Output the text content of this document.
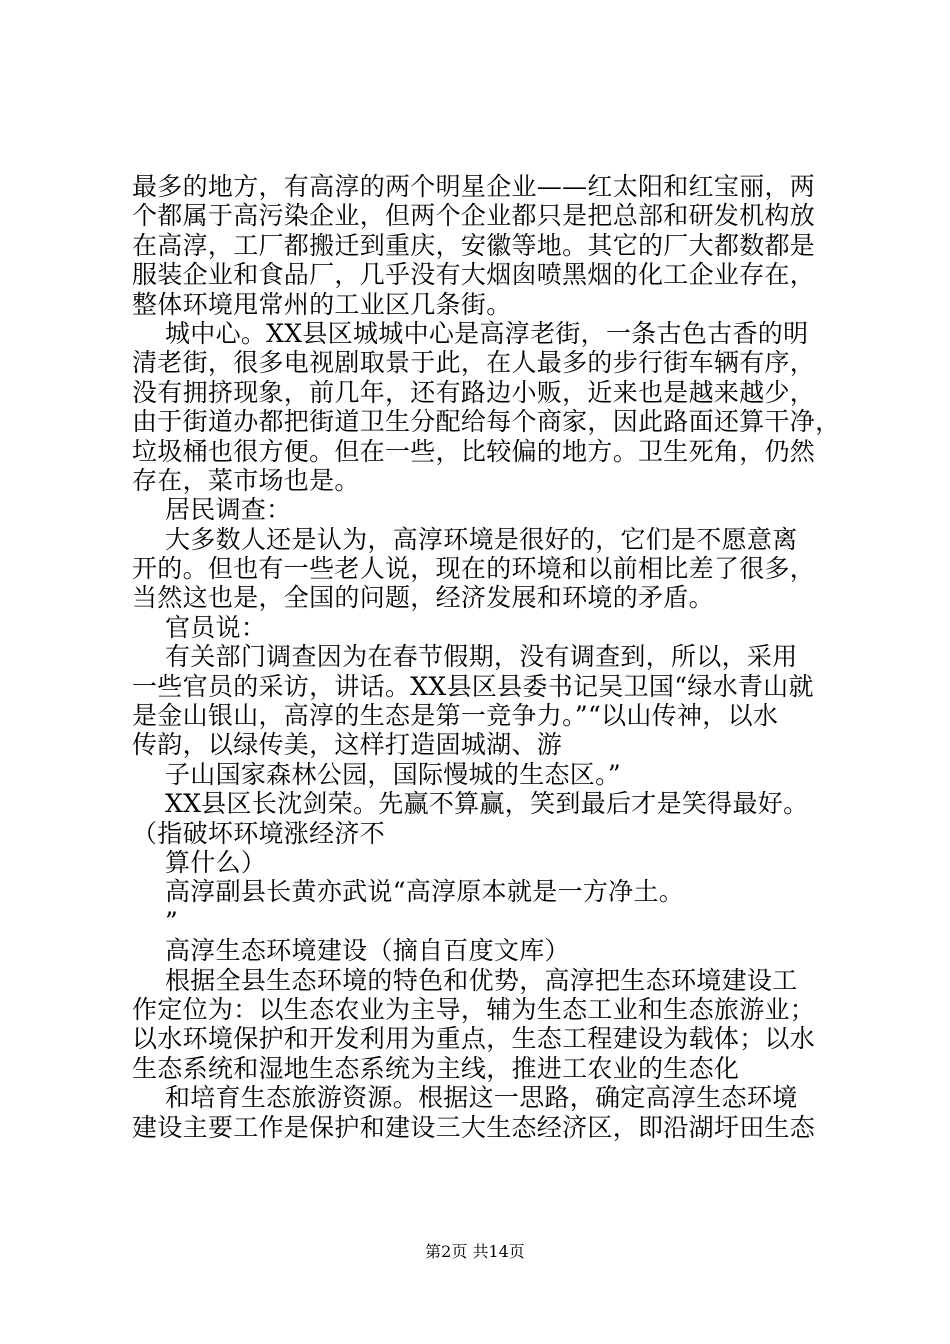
最多的地方，有高淳的两个明星企业——红太阳和红宝丽，两
个都属于高污染企业，但两个企业都只是把总部和研发机构放
在高淳，工厂都搬迁到重庆，安徽等地。其它的厂大都数都是
服装企业和食品厂，几乎没有大烟囱喷黑烟的化工企业存在，
整体环境甩常州的工业区几条街。
城中心。XX县区城城中心是高淳老街，一条古色古香的明
清老街，很多电视剧取景于此，在人最多的步行街车辆有序，
没有拥挤现象，前几年，还有路边小贩，近来也是越来越少，
由于街道办都把街道卫生分配给每个商家，因此路面还算干净，
垃圾桶也很方便。但在一些，比较偏的地方。卫生死角，仍然
存在，菜市场也是。
居民调查：
大多数人还是认为，高淳环境是很好的，它们是不愿意离
开的。但也有一些老人说，现在的环境和以前相比差了很多，
当然这也是，全国的问题，经济发展和环境的矛盾。
官员说：
有关部门调查因为在春节假期，没有调查到，所以，采用
一些官员的采访，讲话。XX县区县委书记吴卫国“绿水青山就
是金山银山，高淳的生态是第一竞争力。”“以山传神，以水
传韵，以绿传美，这样打造固城湖、游
子山国家森林公园，国际慢城的生态区。”
XX县区长沈剑荣。先赢不算赢，笑到最后才是笑得最好。
（指破坏环境涨经济不
算什么）
高淳副县长黄亦武说“高淳原本就是一方净土。
”
高淳生态环境建设（摘自百度文库）
根据全县生态环境的特色和优势，高淳把生态环境建设工
作定位为：以生态农业为主导，辅为生态工业和生态旅游业；
以水环境保护和开发利用为重点，生态工程建设为载体；以水
生态系统和湿地生态系统为主线，推进工农业的生态化
和培育生态旅游资源。根据这一思路，确定高淳生态环境
建设主要工作是保护和建设三大生态经济区，即沿湖圩田生态
第2页 共14页
